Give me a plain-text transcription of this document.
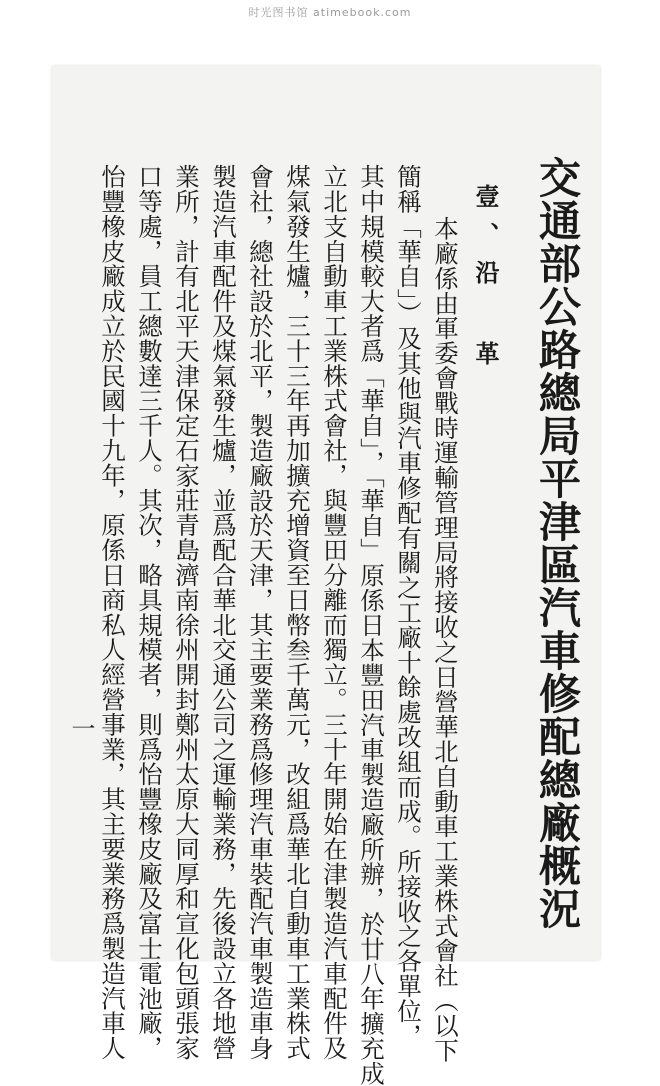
时光图书馆 atimebook.com
交通部公路總局平津區汽車修配總廠概況
壹、沿 革
本廠係由軍委會戰時運輸管理局將接收之日營華北自動車工業株式會社（以下
簡稱「華自」）及其他與汽車修配有關之工廠十餘處改組而成。所接收之各單位，
其中規模較大者爲「華自」，「華自」原係日本豐田汽車製造廠所辦，於廿八年擴充成
立北支自動車工業株式會社，與豐田分離而獨立。三十年開始在津製造汽車配件及
煤氣發生爐，三十三年再加擴充增資至日幣叁千萬元，改組爲華北自動車工業株式
會社，總社設於北平，製造廠設於天津，其主要業務爲修理汽車裝配汽車製造車身
製造汽車配件及煤氣發生爐，並爲配合華北交通公司之運輸業務，先後設立各地營
業所，計有北平天津保定石家莊青島濟南徐州開封鄭州太原大同厚和宣化包頭張家
口等處，員工總數達三千人。其次，略具規模者，則爲怡豐橡皮廠及富士電池廠，
怡豐橡皮廠成立於民國十九年，原係日商私人經營事業，其主要業務爲製造汽車人
一
